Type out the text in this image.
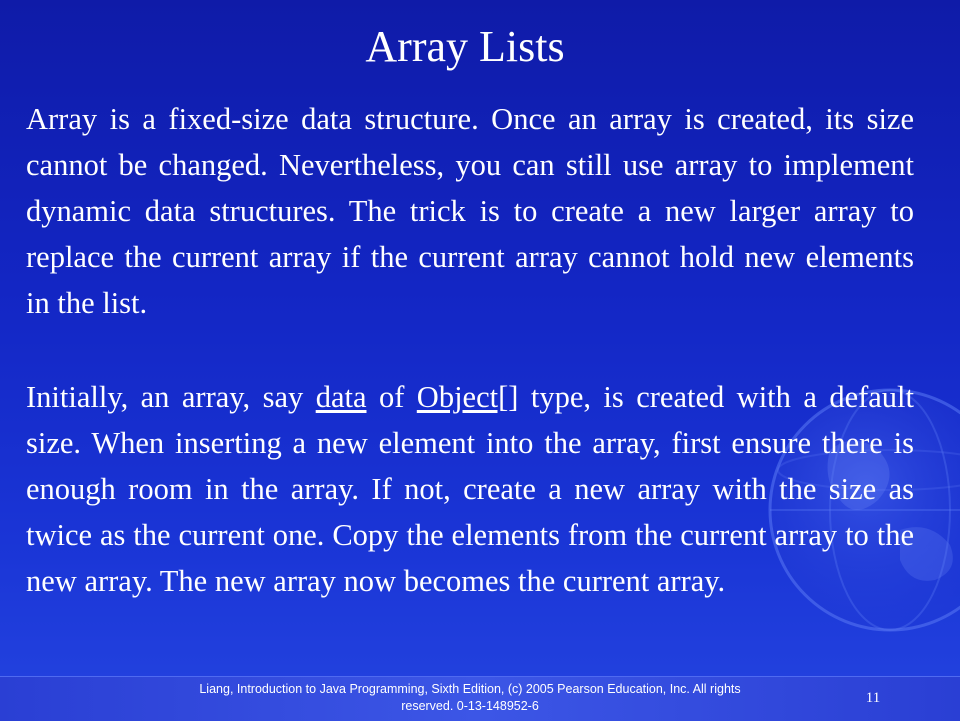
Array Lists

Array is a fixed-size data structure. Once an array is created, its size cannot be changed. Nevertheless, you can still use array to implement dynamic data structures. The trick is to create a new larger array to replace the current array if the current array cannot hold new elements in the list.

Initially, an array, say data of Object[] type, is created with a default size. When inserting a new element into the array, first ensure there is enough room in the array. If not, create a new array with the size as twice as the current one. Copy the elements from the current array to the new array. The new array now becomes the current array.

Liang, Introduction to Java Programming, Sixth Edition, (c) 2005 Pearson Education, Inc. All rights reserved. 0-13-148952-6	11
